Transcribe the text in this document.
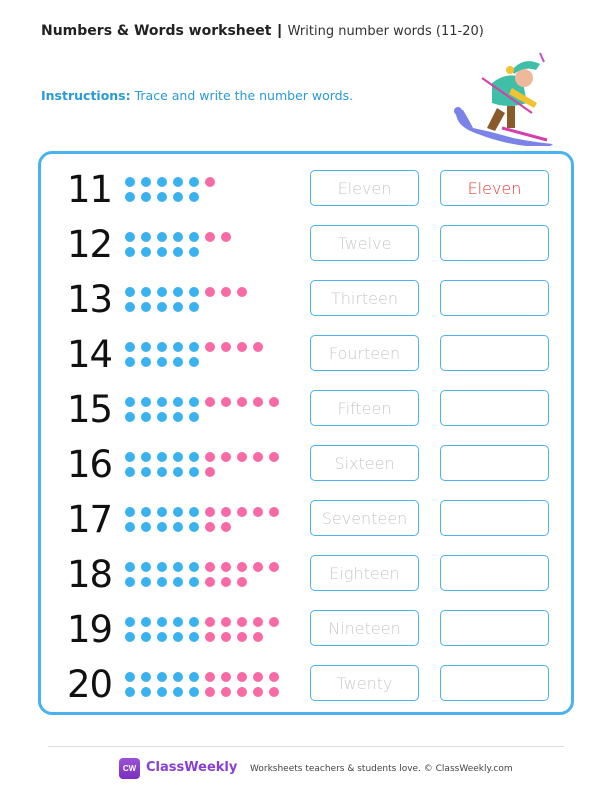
Numbers & Words worksheet | Writing number words (11-20)
Instructions: Trace and write the number words.
11	Eleven	Eleven
12	Twelve
13	Thirteen
14	Fourteen
15	Fifteen
16	Sixteen
17	Seventeen
18	Eighteen
19	Nineteen
20	Twenty
CW ClassWeekly Worksheets teachers & students love. © ClassWeekly.com
